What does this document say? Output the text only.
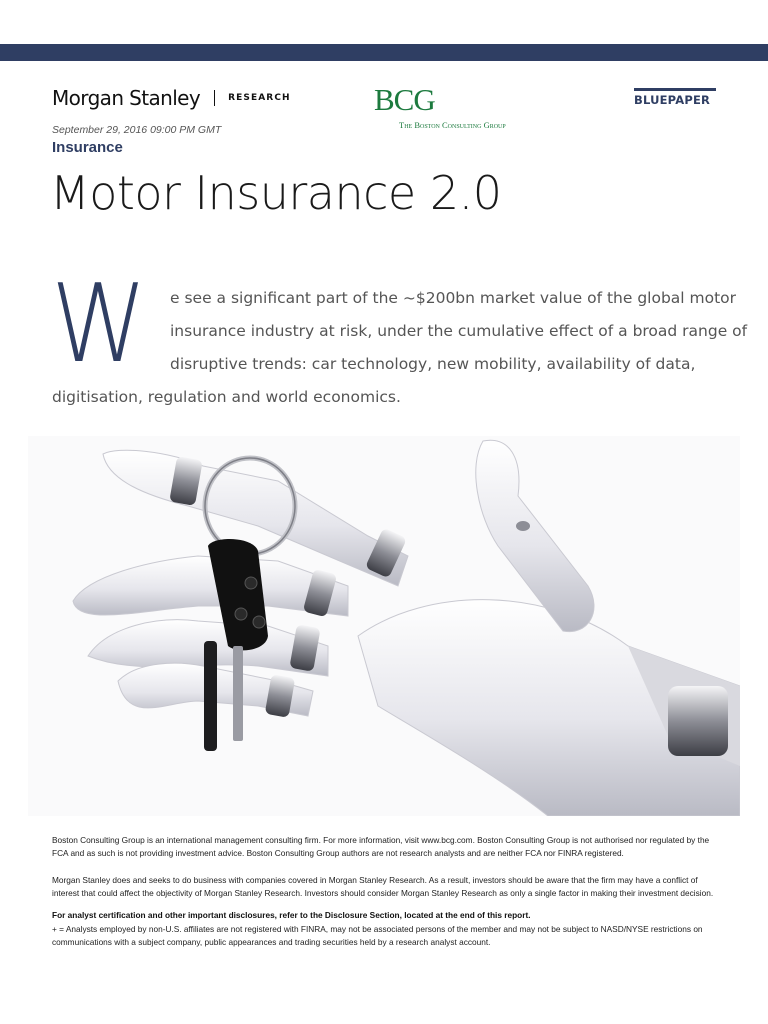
Morgan Stanley	RESEARCH	BCG
The Boston Consulting Group
BLUEPAPER
September 29, 2016 09:00 PM GMT
Insurance
Motor Insurance 2.0
W e see a significant part of the ~$200bn market value of the global motor
insurance industry at risk, under the cumulative effect of a broad range of
disruptive trends: car technology, new mobility, availability of data,
digitisation, regulation and world economics.
Boston Consulting Group is an international management consulting firm. For more information, visit www.bcg.com. Boston Consulting Group is not authorised nor regulated by the FCA and as such is not providing investment advice. Boston Consulting Group authors are not research analysts and are neither FCA nor FINRA registered.
Morgan Stanley does and seeks to do business with companies covered in Morgan Stanley Research. As a result, investors should be aware that the firm may have a conflict of interest that could affect the objectivity of Morgan Stanley Research. Investors should consider Morgan Stanley Research as only a single factor in making their investment decision.
For analyst certification and other important disclosures, refer to the Disclosure Section, located at the end of this report.
+ = Analysts employed by non-U.S. affiliates are not registered with FINRA, may not be associated persons of the member and may not be subject to NASD/NYSE restrictions on communications with a subject company, public appearances and trading securities held by a research analyst account.
